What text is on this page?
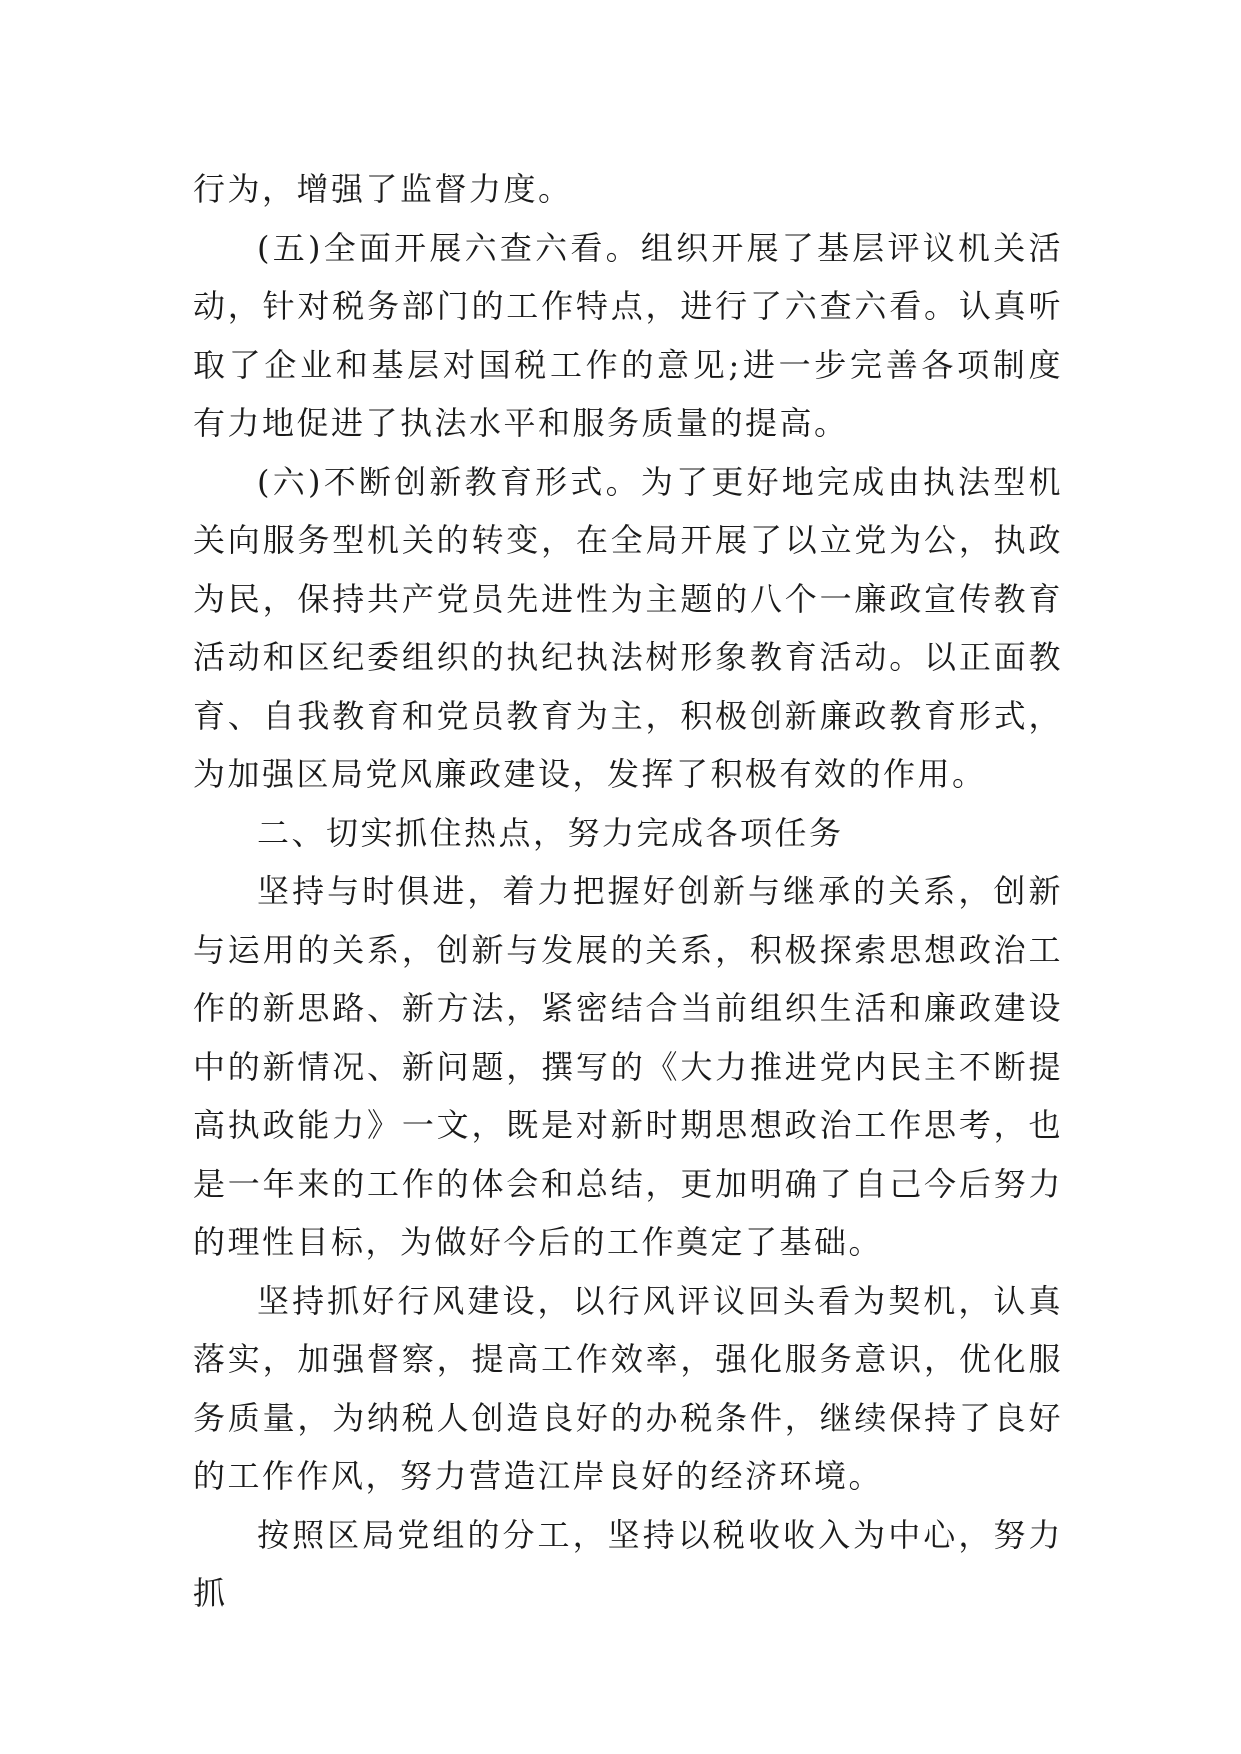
行为，增强了监督力度。

(五)全面开展六查六看。组织开展了基层评议机关活动，针对税务部门的工作特点，进行了六查六看。认真听取了企业和基层对国税工作的意见;进一步完善各项制度有力地促进了执法水平和服务质量的提高。

(六)不断创新教育形式。为了更好地完成由执法型机关向服务型机关的转变，在全局开展了以立党为公，执政为民，保持共产党员先进性为主题的八个一廉政宣传教育活动和区纪委组织的执纪执法树形象教育活动。以正面教育、自我教育和党员教育为主，积极创新廉政教育形式，为加强区局党风廉政建设，发挥了积极有效的作用。

二、切实抓住热点，努力完成各项任务

坚持与时俱进，着力把握好创新与继承的关系，创新与运用的关系，创新与发展的关系，积极探索思想政治工作的新思路、新方法，紧密结合当前组织生活和廉政建设中的新情况、新问题，撰写的《大力推进党内民主不断提高执政能力》一文，既是对新时期思想政治工作思考，也是一年来的工作的体会和总结，更加明确了自己今后努力的理性目标，为做好今后的工作奠定了基础。

坚持抓好行风建设，以行风评议回头看为契机，认真落实，加强督察，提高工作效率，强化服务意识，优化服务质量，为纳税人创造良好的办税条件，继续保持了良好的工作作风，努力营造江岸良好的经济环境。

按照区局党组的分工，坚持以税收收入为中心，努力抓
